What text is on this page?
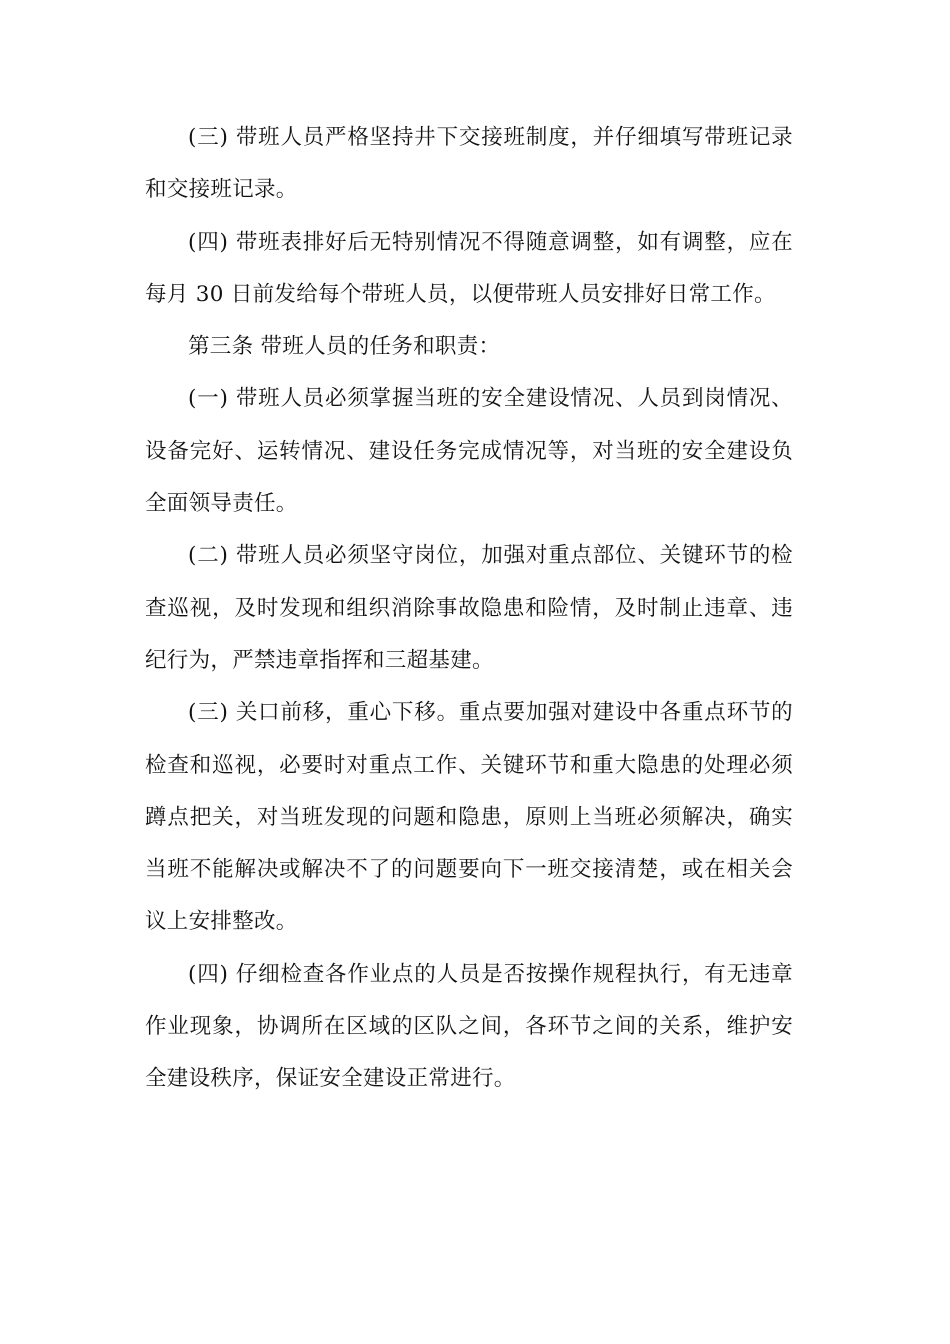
(三) 带班人员严格坚持井下交接班制度，并仔细填写带班记录和交接班记录。

(四) 带班表排好后无特别情况不得随意调整，如有调整，应在每月 30 日前发给每个带班人员，以便带班人员安排好日常工作。

第三条 带班人员的任务和职责：

(一) 带班人员必须掌握当班的安全建设情况、人员到岗情况、设备完好、运转情况、建设任务完成情况等，对当班的安全建设负全面领导责任。

(二) 带班人员必须坚守岗位，加强对重点部位、关键环节的检查巡视，及时发现和组织消除事故隐患和险情，及时制止违章、违纪行为，严禁违章指挥和三超基建。

(三) 关口前移，重心下移。重点要加强对建设中各重点环节的检查和巡视，必要时对重点工作、关键环节和重大隐患的处理必须蹲点把关，对当班发现的问题和隐患，原则上当班必须解决，确实当班不能解决或解决不了的问题要向下一班交接清楚，或在相关会议上安排整改。

(四) 仔细检查各作业点的人员是否按操作规程执行，有无违章作业现象，协调所在区域的区队之间，各环节之间的关系，维护安全建设秩序，保证安全建设正常进行。
